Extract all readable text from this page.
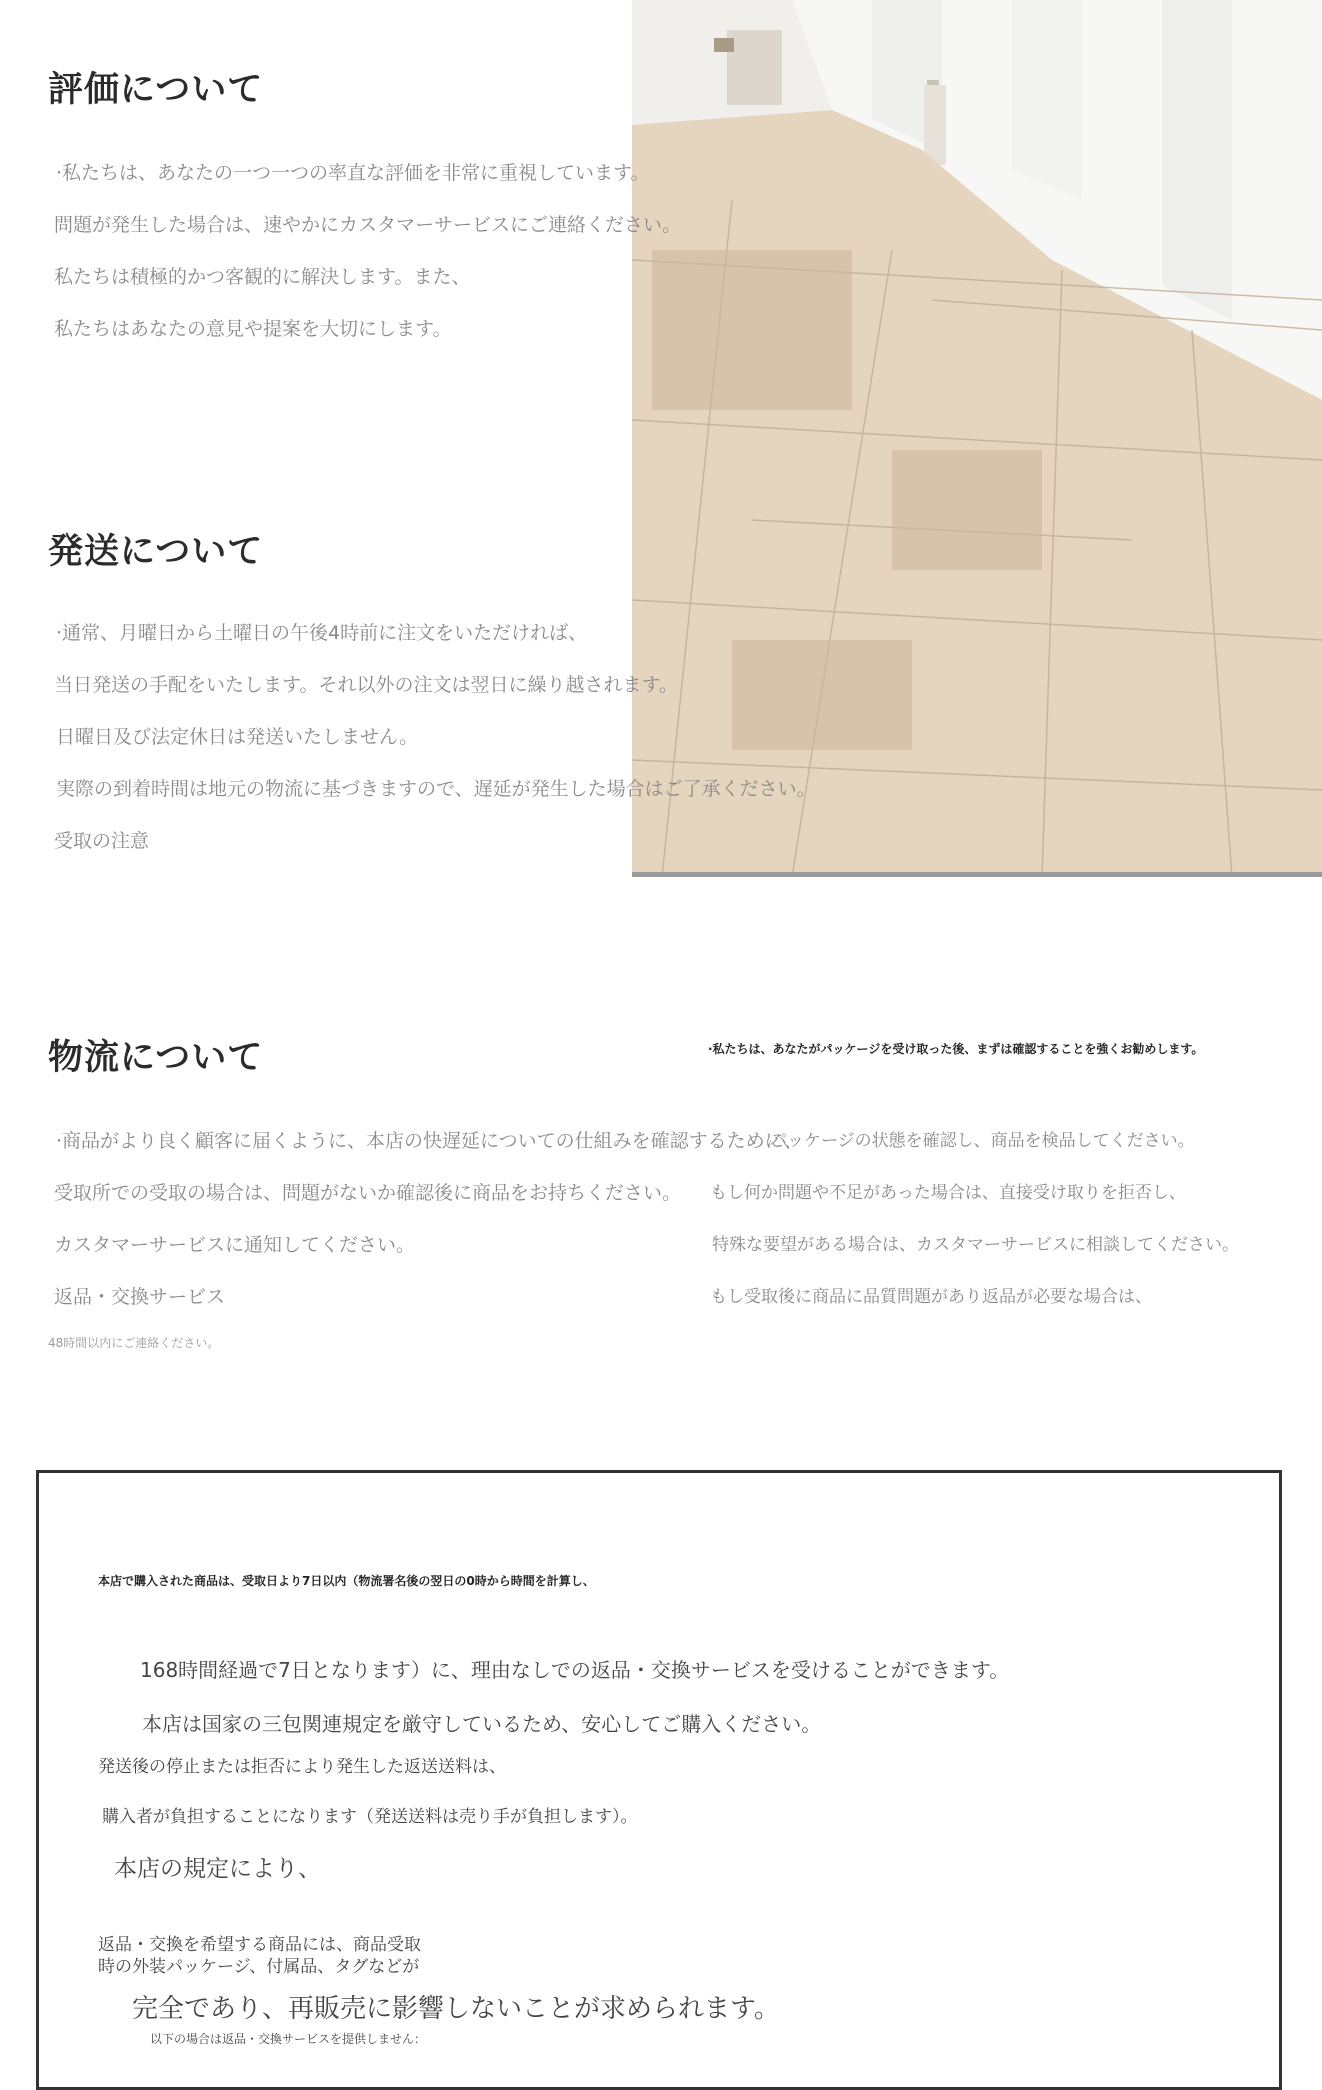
評価について
·私たちは、あなたの一つ一つの率直な評価を非常に重視しています。
問題が発生した場合は、速やかにカスタマーサービスにご連絡ください。
私たちは積極的かつ客観的に解決します。また、
私たちはあなたの意見や提案を大切にします。
発送について
·通常、月曜日から土曜日の午後4時前に注文をいただければ、
当日発送の手配をいたします。それ以外の注文は翌日に繰り越されます。
日曜日及び法定休日は発送いたしません。
実際の到着時間は地元の物流に基づきますので、遅延が発生した場合はご了承ください。
受取の注意
物流について	·私たちは、あなたがパッケージを受け取った後、まずは確認することを強くお勧めします。
·商品がより良く顧客に届くように、本店の快遅延についての仕組みを確認するために、
受取所での受取の場合は、問題がないか確認後に商品をお持ちください。
カスタマーサービスに通知してください。
返品・交換サービス
48時間以内にご連絡ください。
パッケージの状態を確認し、商品を検品してください。
もし何か問題や不足があった場合は、直接受け取りを拒否し、
特殊な要望がある場合は、カスタマーサービスに相談してください。
もし受取後に商品に品質問題があり返品が必要な場合は、
本店で購入された商品は、受取日より7日以内（物流署名後の翌日の0時から時間を計算し、
168時間経過で7日となります）に、理由なしでの返品・交換サービスを受けることができます。
本店は国家の三包関連規定を厳守しているため、安心してご購入ください。
発送後の停止または拒否により発生した返送送料は、
購入者が負担することになります（発送送料は売り手が負担します）。
本店の規定により、
返品・交換を希望する商品には、商品受取
時の外装パッケージ、付属品、タグなどが
完全であり、再販売に影響しないことが求められます。
以下の場合は返品・交換サービスを提供しません：
